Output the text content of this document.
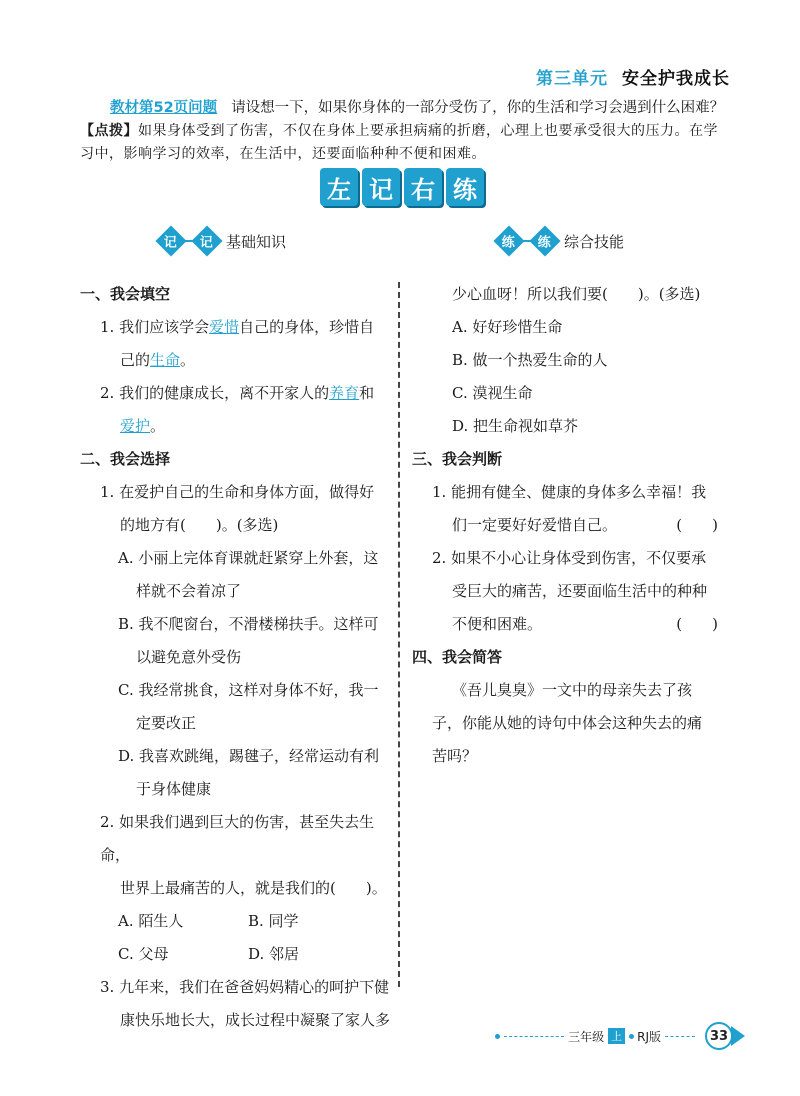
第三单元 安全护我成长
教材第52页问题 请设想一下，如果你身体的一部分受伤了，你的生活和学习会遇到什么困难？
【点拨】如果身体受到了伤害，不仅在身体上要承担病痛的折磨，心理上也要承受很大的压力。在学习中，影响学习的效率，在生活中，还要面临种种不便和困难。
左 记 右 练
记 记 基础知识	练 练 综合技能
一、我会填空
1. 我们应该学会爱惜自己的身体，珍惜自
己的生命。
2. 我们的健康成长，离不开家人的养育和
爱护。
二、我会选择
1. 在爱护自己的生命和身体方面，做得好
的地方有(　　)。(多选)
A. 小丽上完体育课就赶紧穿上外套，这
样就不会着凉了
B. 我不爬窗台，不滑楼梯扶手。这样可
以避免意外受伤
C. 我经常挑食，这样对身体不好，我一
定要改正
D. 我喜欢跳绳，踢毽子，经常运动有利
于身体健康
2. 如果我们遇到巨大的伤害，甚至失去生命，
世界上最痛苦的人，就是我们的(　　)。
A. 陌生人	B. 同学
C. 父母	D. 邻居
3. 九年来，我们在爸爸妈妈精心的呵护下健
康快乐地长大，成长过程中凝聚了家人多
少心血呀！所以我们要(　　)。(多选)
A. 好好珍惜生命
B. 做一个热爱生命的人
C. 漠视生命
D. 把生命视如草芥
三、我会判断
1. 能拥有健全、健康的身体多么幸福！我
们一定要好好爱惜自己。	(　　)
2. 如果不小心让身体受到伤害，不仅要承
受巨大的痛苦，还要面临生活中的种种
不便和困难。	(　　)
四、我会简答
《吾儿臭臭》一文中的母亲失去了孩
子，你能从她的诗句中体会这种失去的痛
苦吗？
三年级 上 RJ版	33
